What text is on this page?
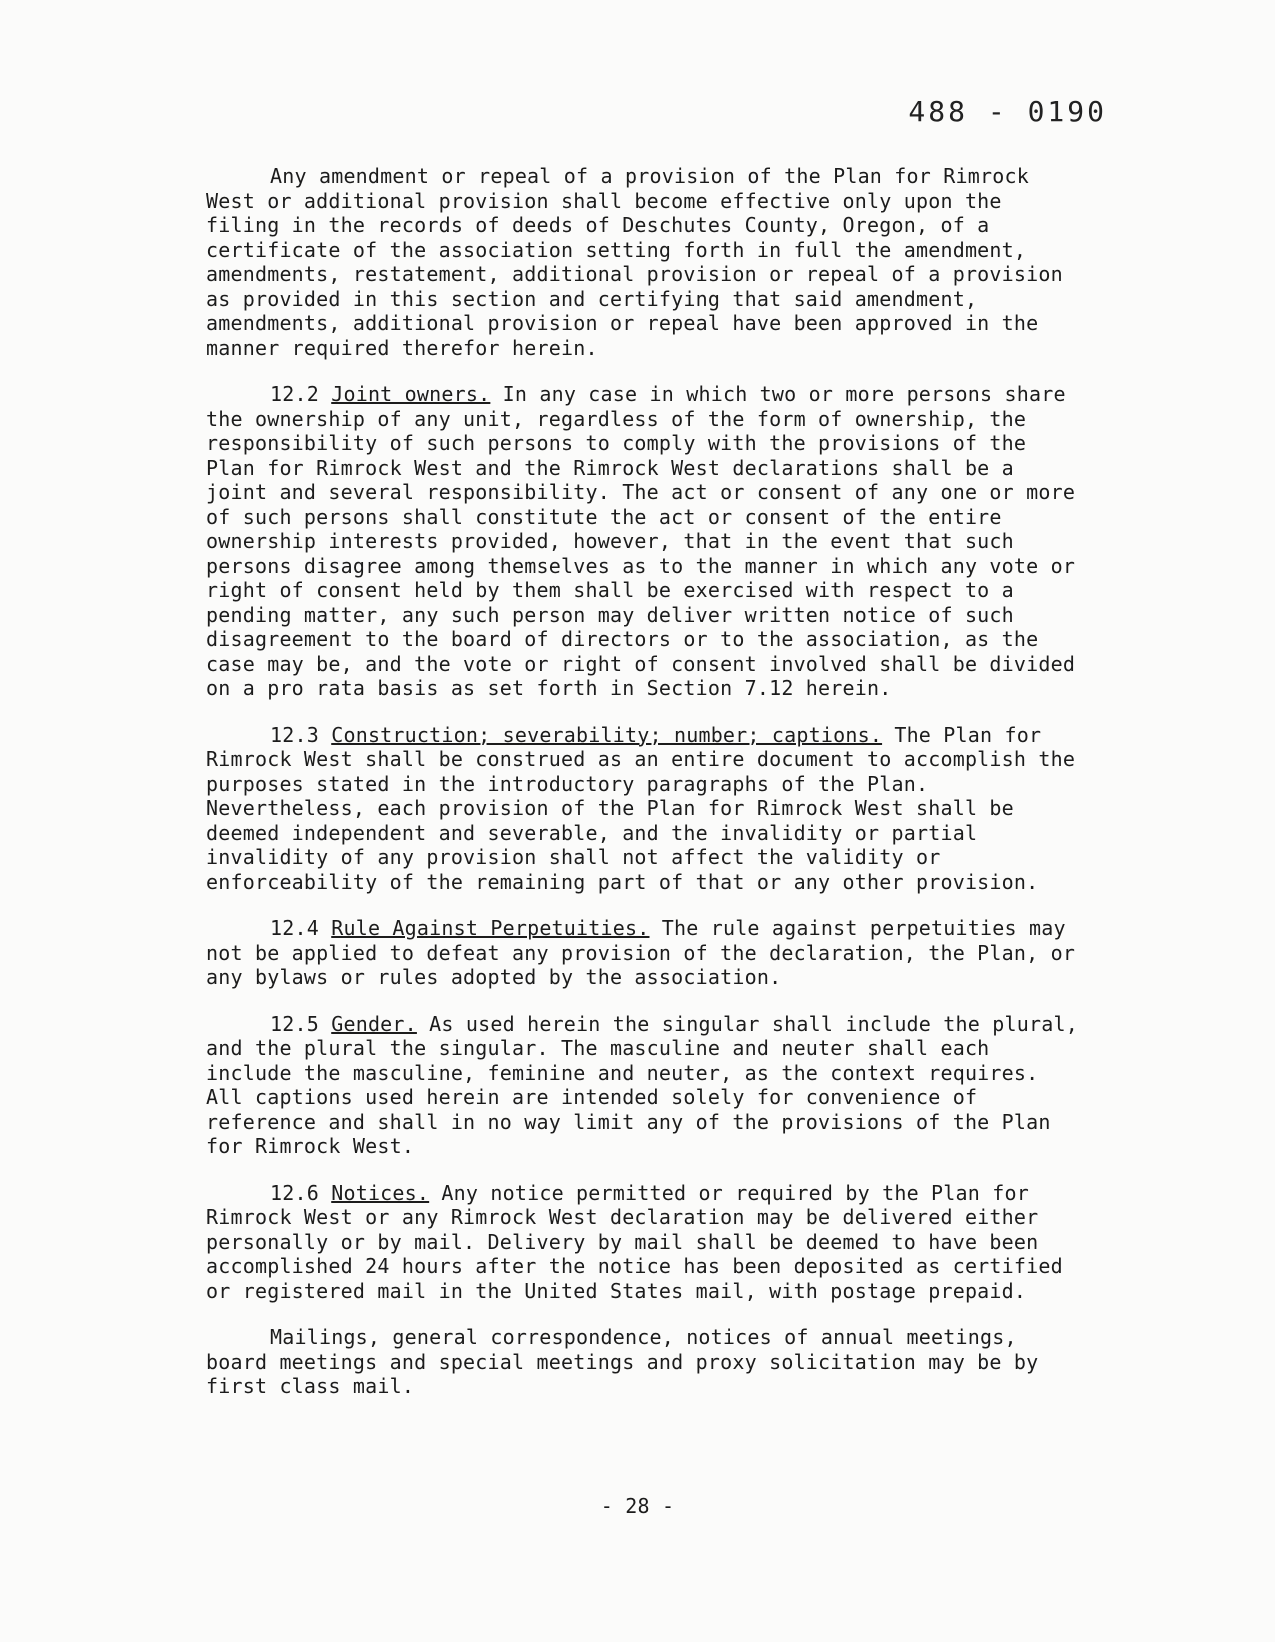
488 - 0190

Any amendment or repeal of a provision of the Plan for Rimrock West or additional provision shall become effective only upon the filing in the records of deeds of Deschutes County, Oregon, of a certificate of the association setting forth in full the amendment, amendments, restatement, additional provision or repeal of a provision as provided in this section and certifying that said amendment, amendments, additional provision or repeal have been approved in the manner required therefor herein.

12.2 Joint owners. In any case in which two or more persons share the ownership of any unit, regardless of the form of ownership, the responsibility of such persons to comply with the provisions of the Plan for Rimrock West and the Rimrock West declarations shall be a joint and several responsibility. The act or consent of any one or more of such persons shall constitute the act or consent of the entire ownership interests provided, however, that in the event that such persons disagree among themselves as to the manner in which any vote or right of consent held by them shall be exercised with respect to a pending matter, any such person may deliver written notice of such disagreement to the board of directors or to the association, as the case may be, and the vote or right of consent involved shall be divided on a pro rata basis as set forth in Section 7.12 herein.

12.3 Construction; severability; number; captions. The Plan for Rimrock West shall be construed as an entire document to accomplish the purposes stated in the introductory paragraphs of the Plan. Nevertheless, each provision of the Plan for Rimrock West shall be deemed independent and severable, and the invalidity or partial invalidity of any provision shall not affect the validity or enforceability of the remaining part of that or any other provision.

12.4 Rule Against Perpetuities. The rule against perpetuities may not be applied to defeat any provision of the declaration, the Plan, or any bylaws or rules adopted by the association.

12.5 Gender. As used herein the singular shall include the plural, and the plural the singular. The masculine and neuter shall each include the masculine, feminine and neuter, as the context requires. All captions used herein are intended solely for convenience of reference and shall in no way limit any of the provisions of the Plan for Rimrock West.

12.6 Notices. Any notice permitted or required by the Plan for Rimrock West or any Rimrock West declaration may be delivered either personally or by mail. Delivery by mail shall be deemed to have been accomplished 24 hours after the notice has been deposited as certified or registered mail in the United States mail, with postage prepaid.

Mailings, general correspondence, notices of annual meetings, board meetings and special meetings and proxy solicitation may be by first class mail.

- 28 -
